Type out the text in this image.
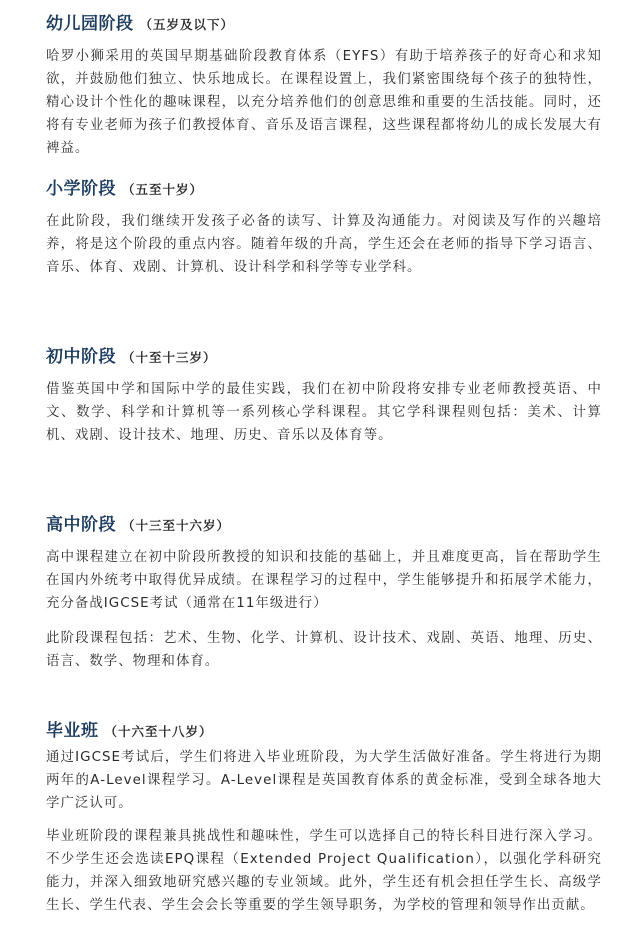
幼儿园阶段 （五岁及以下）

哈罗小狮采用的英国早期基础阶段教育体系（EYFS）有助于培养孩子的好奇心和求知欲，并鼓励他们独立、快乐地成长。在课程设置上，我们紧密围绕每个孩子的独特性，精心设计个性化的趣味课程，以充分培养他们的创意思维和重要的生活技能。同时，还将有专业老师为孩子们教授体育、音乐及语言课程，这些课程都将幼儿的成长发展大有裨益。

小学阶段 （五至十岁）

在此阶段，我们继续开发孩子必备的读写、计算及沟通能力。对阅读及写作的兴趣培养，将是这个阶段的重点内容。随着年级的升高，学生还会在老师的指导下学习语言、音乐、体育、戏剧、计算机、设计科学和科学等专业学科。

初中阶段 （十至十三岁）

借鉴英国中学和国际中学的最佳实践，我们在初中阶段将安排专业老师教授英语、中文、数学、科学和计算机等一系列核心学科课程。其它学科课程则包括：美术、计算机、戏剧、设计技术、地理、历史、音乐以及体育等。

高中阶段 （十三至十六岁）

高中课程建立在初中阶段所教授的知识和技能的基础上，并且难度更高，旨在帮助学生在国内外统考中取得优异成绩。在课程学习的过程中，学生能够提升和拓展学术能力，充分备战IGCSE考试（通常在11年级进行）

此阶段课程包括：艺术、生物、化学、计算机、设计技术、戏剧、英语、地理、历史、语言、数学、物理和体育。

毕业班 （十六至十八岁）

通过IGCSE考试后，学生们将进入毕业班阶段，为大学生活做好准备。学生将进行为期两年的A-Level课程学习。A-Level课程是英国教育体系的黄金标准，受到全球各地大学广泛认可。

毕业班阶段的课程兼具挑战性和趣味性，学生可以选择自己的特长科目进行深入学习。不少学生还会选读EPQ课程（Extended Project Qualification），以强化学科研究能力，并深入细致地研究感兴趣的专业领域。此外，学生还有机会担任学生长、高级学生长、学生代表、学生会会长等重要的学生领导职务，为学校的管理和领导作出贡献。
